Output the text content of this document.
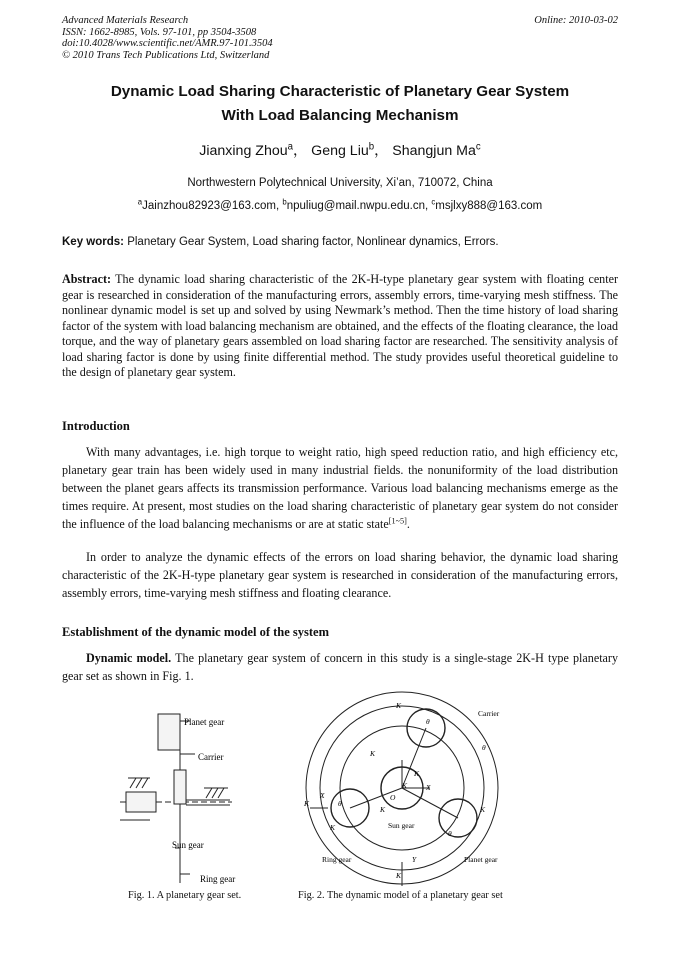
Advanced Materials Research
ISSN: 1662-8985, Vols. 97-101, pp 3504-3508
doi:10.4028/www.scientific.net/AMR.97-101.3504
© 2010 Trans Tech Publications Ltd, Switzerland
Online: 2010-03-02
Dynamic Load Sharing Characteristic of Planetary Gear System
With Load Balancing Mechanism
Jianxing Zhou$^a$， Geng Liu$^b$， Shangjun Ma$^c$
Northwestern Polytechnical University, Xi’an, 710072, China
$^a$Jainzhou82923@163.com, $^b$npuliug@mail.nwpu.edu.cn, $^c$msjlxy888@163.com
Key words: Planetary Gear System, Load sharing factor, Nonlinear dynamics, Errors.
Abstract: The dynamic load sharing characteristic of the 2K-H-type planetary gear system with floating center gear is researched in consideration of the manufacturing errors, assembly errors, time-varying mesh stiffness. The nonlinear dynamic model is set up and solved by using Newmark’s method. Then the time history of load sharing factor of the system with load balancing mechanism are obtained, and the effects of the floating clearance, the load torque, and the way of planetary gears assembled on load sharing factor are researched. The sensitivity analysis of load sharing factor is done by using finite differential method. The study provides useful theoretical guideline to the design of planetary gear system.
Introduction
With many advantages, i.e. high torque to weight ratio, high speed reduction ratio, and high efficiency etc, planetary gear train has been widely used in many industrial fields. the nonuniformity of the load distribution between the planet gears affects its transmission performance. Various load balancing mechanisms emerge as the times require. At present, most studies on the load sharing characteristic of planetary gear system do not consider the influence of the load balancing mechanisms or are at static state[1~5].
In order to analyze the dynamic effects of the errors on load sharing behavior, the dynamic load sharing characteristic of the 2K-H-type planetary gear system is researched in consideration of the manufacturing errors, assembly errors, time-varying mesh stiffness and floating clearance.
Establishment of the dynamic model of the system
Dynamic model. The planetary gear system of concern in this study is a single-stage 2K-H type planetary gear set as shown in Fig. 1.
Planet gear
Carrier
Sun gear
Ring gear
Fig. 1. A planetary gear set.
K
θ
K
K	X
O
K
K
X
θ
K
K
K
θ
Y
K
θ
Carrier
Sun gear
Ring gear	Planet gear
Fig. 2. The dynamic model of a planetary gear set
